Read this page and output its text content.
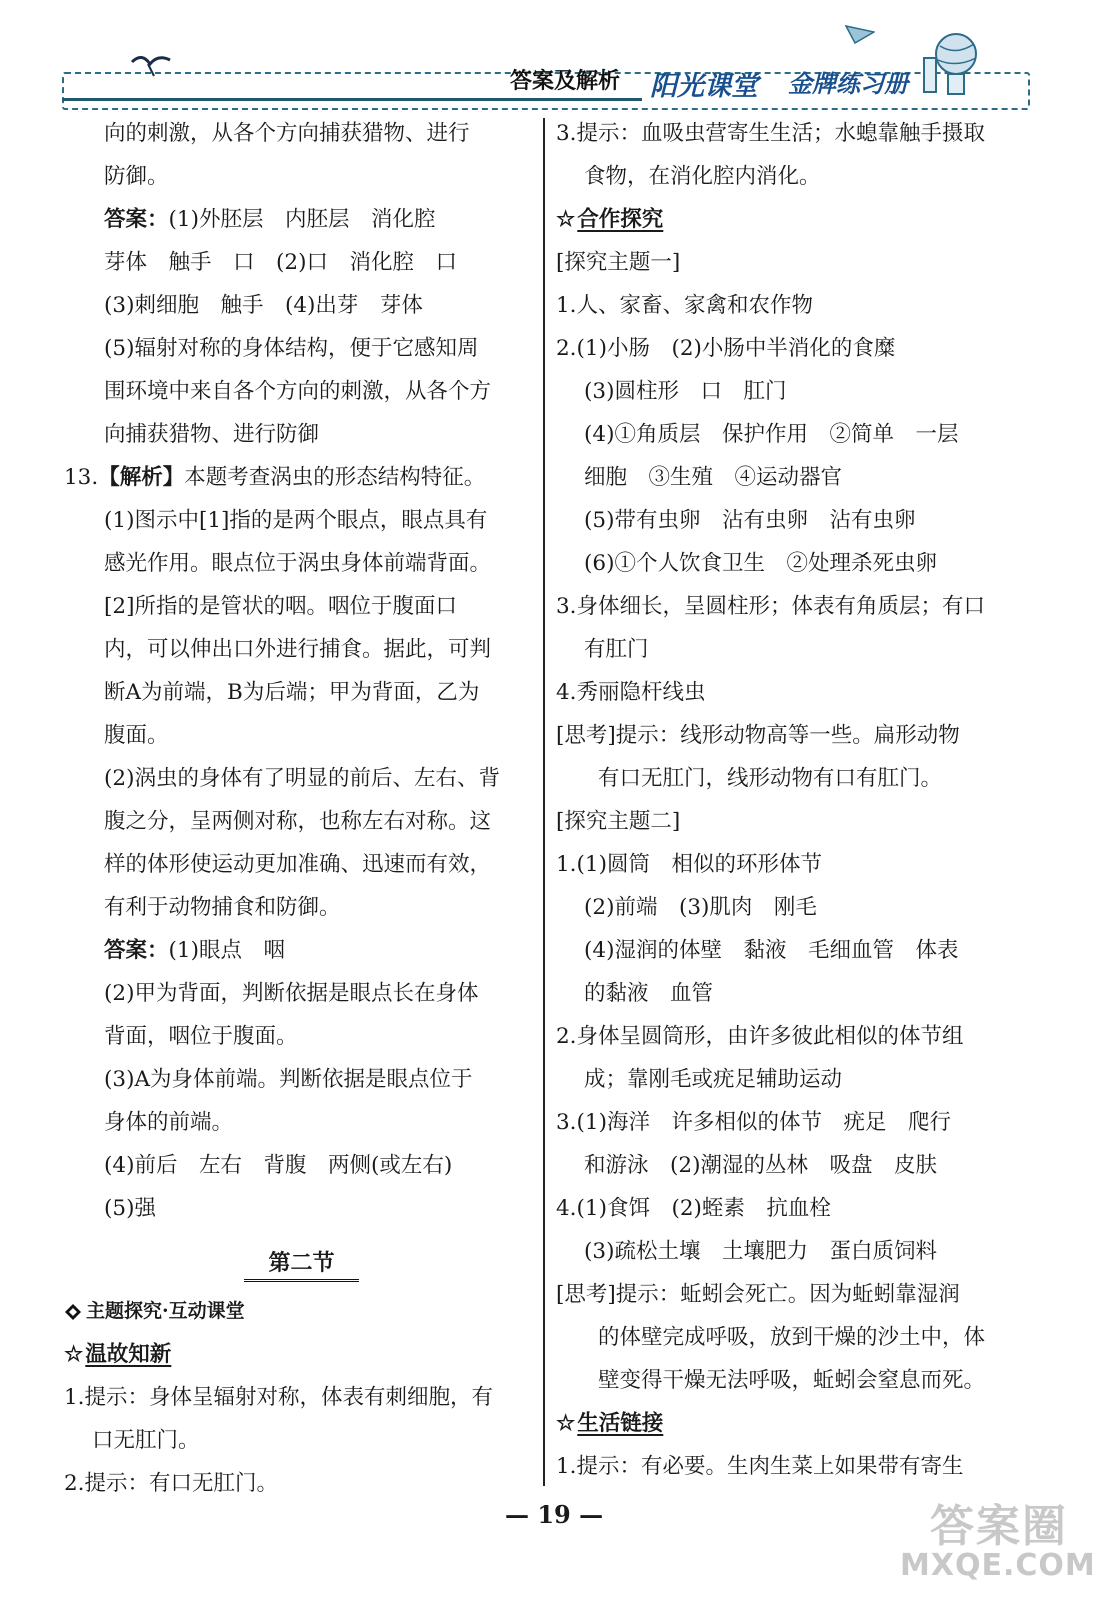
答案及解析 阳光课堂 金牌练习册
向的刺激，从各个方向捕获猎物、进行
防御。
答案：(1)外胚层　内胚层　消化腔
芽体　触手　口　(2)口　消化腔　口
(3)刺细胞　触手　(4)出芽　芽体
(5)辐射对称的身体结构，便于它感知周
围环境中来自各个方向的刺激，从各个方
向捕获猎物、进行防御
13.【解析】本题考查涡虫的形态结构特征。
(1)图示中[1]指的是两个眼点，眼点具有
感光作用。眼点位于涡虫身体前端背面。
[2]所指的是管状的咽。咽位于腹面口
内，可以伸出口外进行捕食。据此，可判
断A为前端，B为后端；甲为背面，乙为
腹面。
(2)涡虫的身体有了明显的前后、左右、背
腹之分，呈两侧对称，也称左右对称。这
样的体形使运动更加准确、迅速而有效，
有利于动物捕食和防御。
答案：(1)眼点　咽
(2)甲为背面，判断依据是眼点长在身体
背面，咽位于腹面。
(3)A为身体前端。判断依据是眼点位于
身体的前端。
(4)前后　左右　背腹　两侧(或左右)
(5)强
第二节
主题探究·互动课堂
☆ 温故知新
1.提示：身体呈辐射对称，体表有刺细胞，有
口无肛门。
2.提示：有口无肛门。
3.提示：血吸虫营寄生生活；水螅靠触手摄取
食物，在消化腔内消化。
☆ 合作探究
[探究主题一]
1.人、家畜、家禽和农作物
2.(1)小肠　(2)小肠中半消化的食糜
(3)圆柱形　口　肛门
(4)①角质层　保护作用　②简单　一层
细胞　③生殖　④运动器官
(5)带有虫卵　沾有虫卵　沾有虫卵
(6)①个人饮食卫生　②处理杀死虫卵
3.身体细长，呈圆柱形；体表有角质层；有口
有肛门
4.秀丽隐杆线虫
[思考]提示：线形动物高等一些。扁形动物
有口无肛门，线形动物有口有肛门。
[探究主题二]
1.(1)圆筒　相似的环形体节
(2)前端　(3)肌肉　刚毛
(4)湿润的体壁　黏液　毛细血管　体表
的黏液　血管
2.身体呈圆筒形，由许多彼此相似的体节组
成；靠刚毛或疣足辅助运动
3.(1)海洋　许多相似的体节　疣足　爬行
和游泳　(2)潮湿的丛林　吸盘　皮肤
4.(1)食饵　(2)蛭素　抗血栓
(3)疏松土壤　土壤肥力　蛋白质饲料
[思考]提示：蚯蚓会死亡。因为蚯蚓靠湿润
的体壁完成呼吸，放到干燥的沙土中，体
壁变得干燥无法呼吸，蚯蚓会窒息而死。
☆ 生活链接
1.提示：有必要。生肉生菜上如果带有寄生
— 19 —	答案圈
MXQE.COM
